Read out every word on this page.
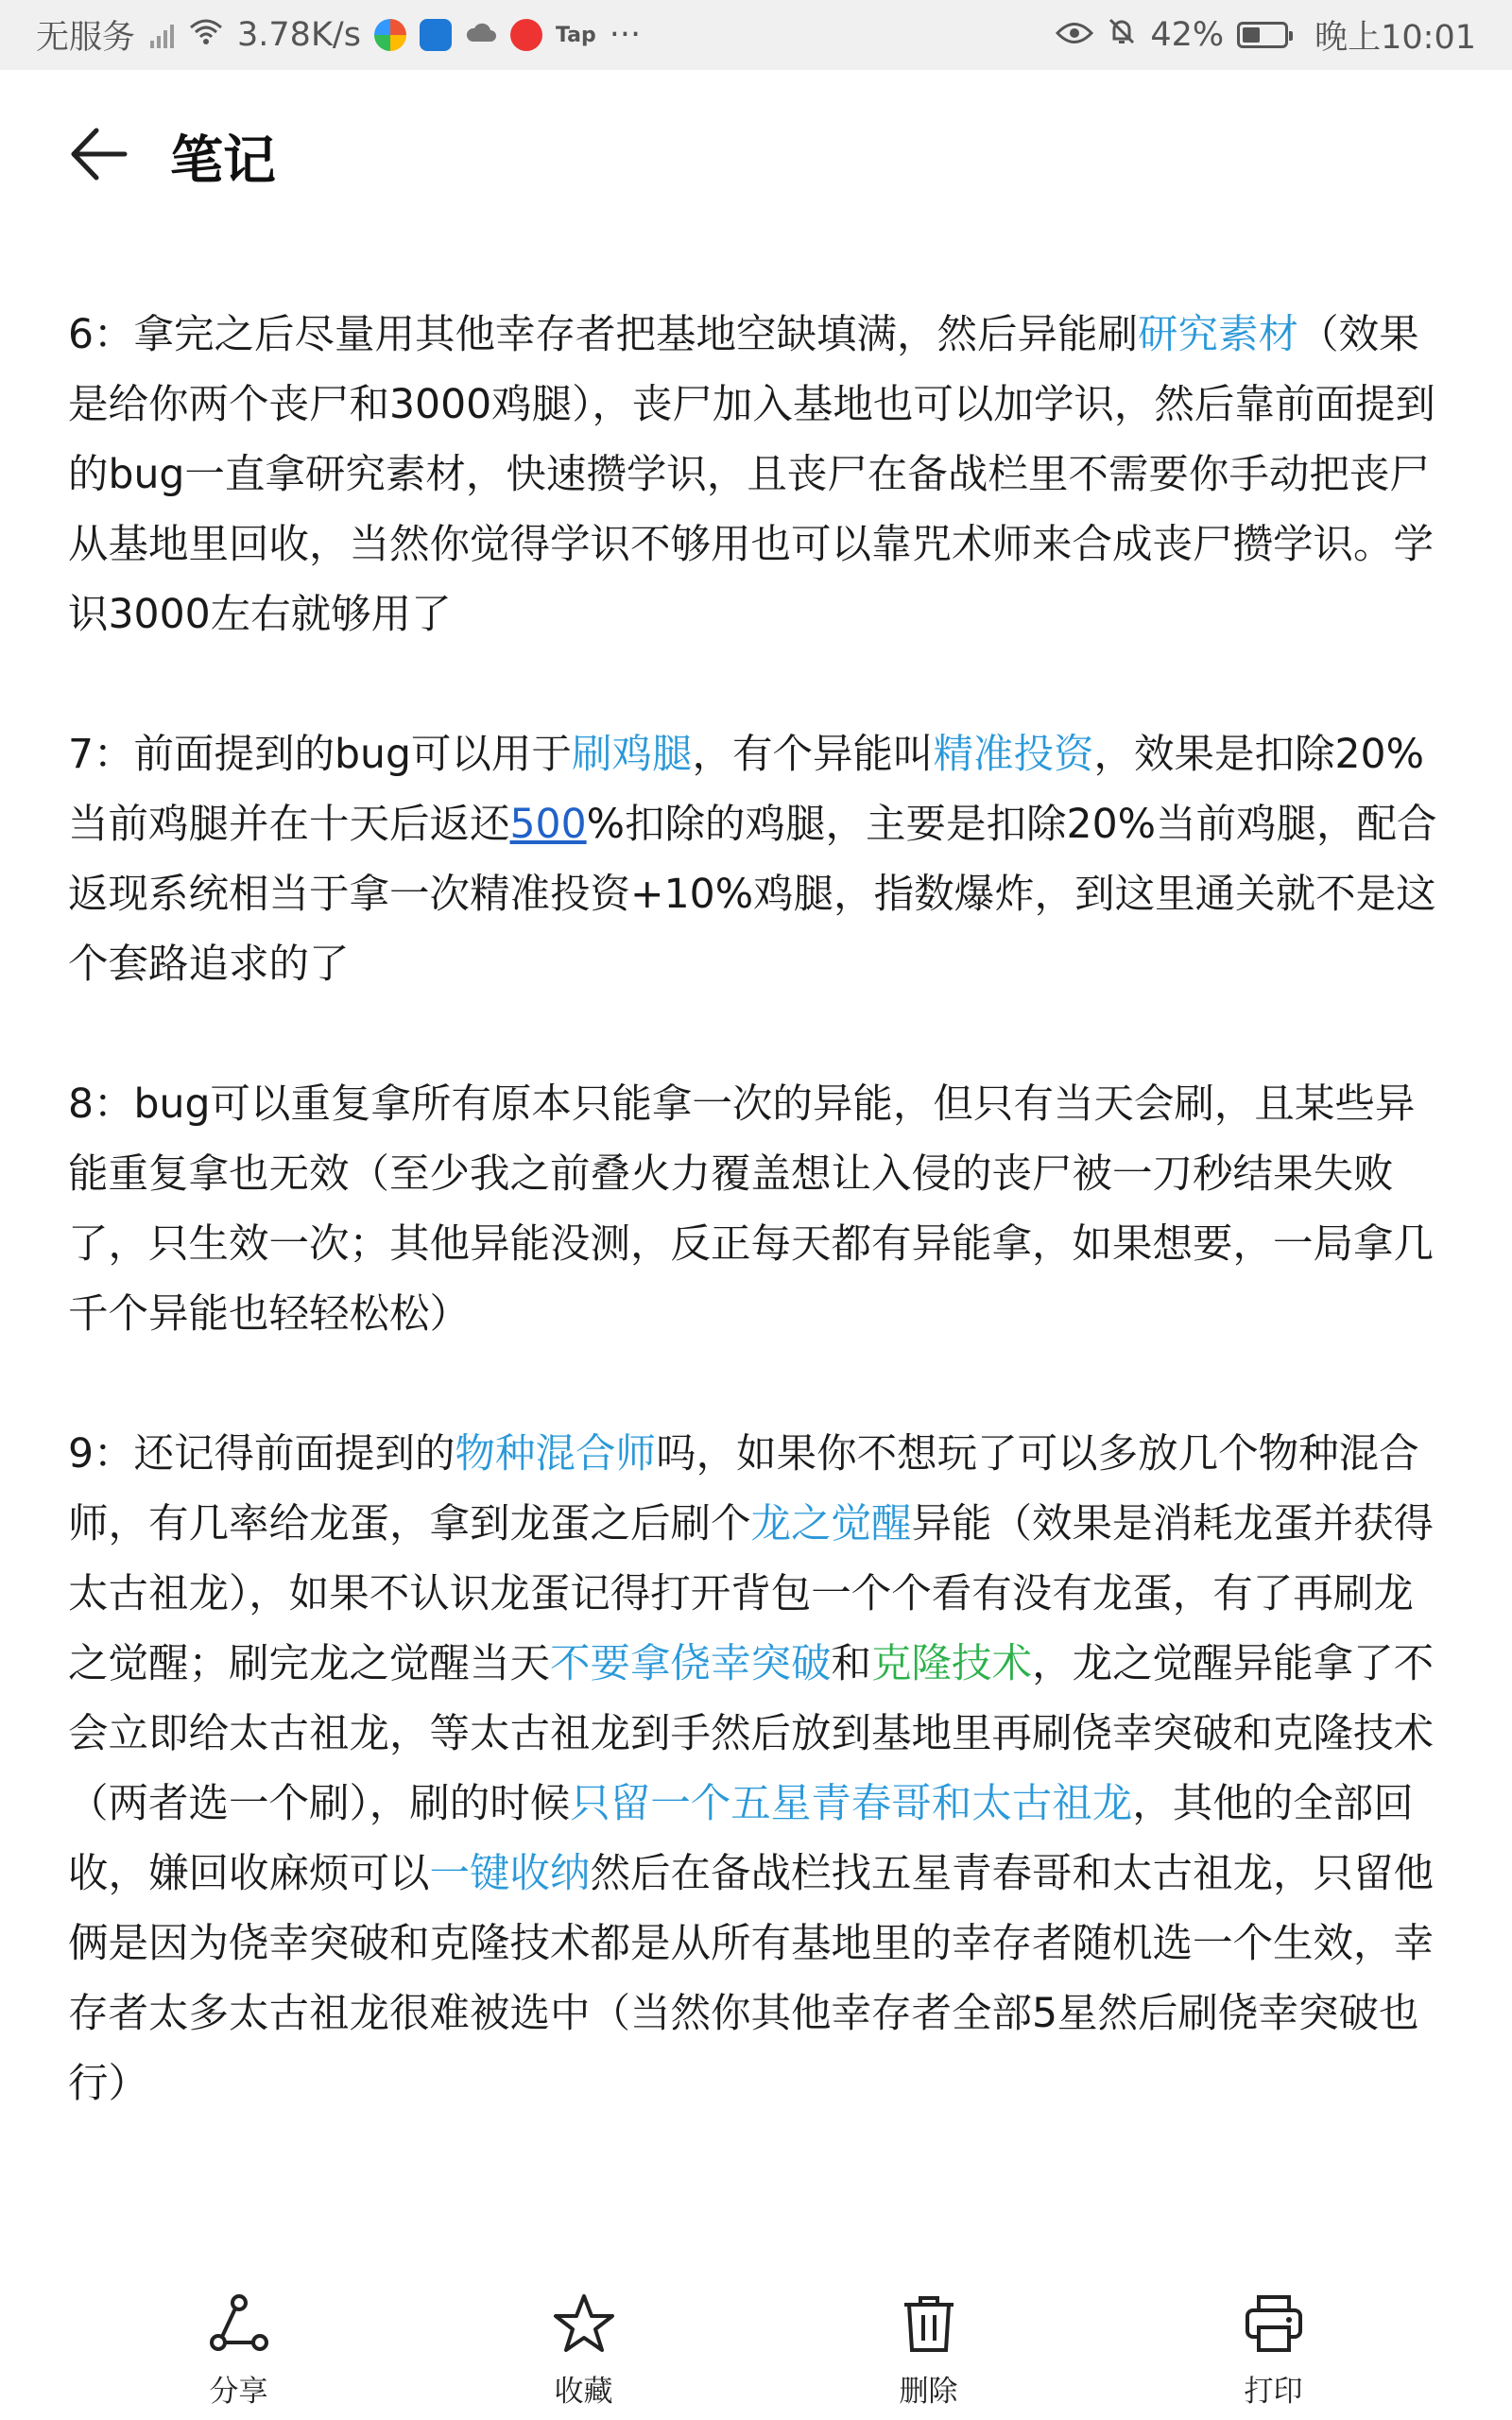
无服务	3.78K/s	Tap ···	42%	晚上10:01
笔记

6：拿完之后尽量用其他幸存者把基地空缺填满，然后异能刷研究素材（效果是给你两个丧尸和3000鸡腿），丧尸加入基地也可以加学识，然后靠前面提到的bug一直拿研究素材，快速攒学识，且丧尸在备战栏里不需要你手动把丧尸从基地里回收，当然你觉得学识不够用也可以靠咒术师来合成丧尸攒学识。学识3000左右就够用了

7：前面提到的bug可以用于刷鸡腿，有个异能叫精准投资，效果是扣除20%当前鸡腿并在十天后返还500%扣除的鸡腿，主要是扣除20%当前鸡腿，配合返现系统相当于拿一次精准投资+10%鸡腿，指数爆炸，到这里通关就不是这个套路追求的了

8：bug可以重复拿所有原本只能拿一次的异能，但只有当天会刷，且某些异能重复拿也无效（至少我之前叠火力覆盖想让入侵的丧尸被一刀秒结果失败了，只生效一次；其他异能没测，反正每天都有异能拿，如果想要，一局拿几千个异能也轻轻松松）

9：还记得前面提到的物种混合师吗，如果你不想玩了可以多放几个物种混合师，有几率给龙蛋，拿到龙蛋之后刷个龙之觉醒异能（效果是消耗龙蛋并获得太古祖龙），如果不认识龙蛋记得打开背包一个个看有没有龙蛋，有了再刷龙之觉醒；刷完龙之觉醒当天不要拿侥幸突破和克隆技术，龙之觉醒异能拿了不会立即给太古祖龙，等太古祖龙到手然后放到基地里再刷侥幸突破和克隆技术（两者选一个刷），刷的时候只留一个五星青春哥和太古祖龙，其他的全部回收，嫌回收麻烦可以一键收纳然后在备战栏找五星青春哥和太古祖龙，只留他俩是因为侥幸突破和克隆技术都是从所有基地里的幸存者随机选一个生效，幸存者太多太古祖龙很难被选中（当然你其他幸存者全部5星然后刷侥幸突破也行）

分享	收藏	删除	打印
